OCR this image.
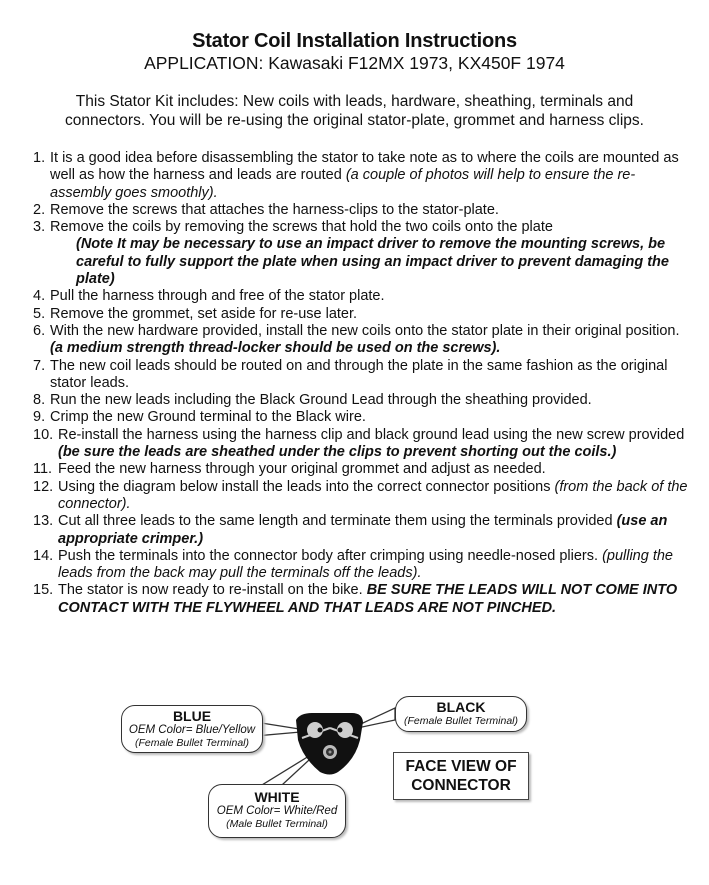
Stator Coil Installation Instructions
APPLICATION: Kawasaki F12MX 1973, KX450F 1974
This Stator Kit includes: New coils with leads, hardware, sheathing, terminals and
connectors. You will be re-using the original stator-plate, grommet and harness clips.
1. It is a good idea before disassembling the stator to take note as to where the coils are mounted as well as how the harness and leads are routed (a couple of photos will help to ensure the re-assembly goes smoothly).
2. Remove the screws that attaches the harness-clips to the stator-plate.
3. Remove the coils by removing the screws that hold the two coils onto the plate
(Note It may be necessary to use an impact driver to remove the mounting screws, be careful to fully support the plate when using an impact driver to prevent damaging the plate)
4. Pull the harness through and free of the stator plate.
5. Remove the grommet, set aside for re-use later.
6. With the new hardware provided, install the new coils onto the stator plate in their original position. (a medium strength thread-locker should be used on the screws).
7. The new coil leads should be routed on and through the plate in the same fashion as the original stator leads.
8. Run the new leads including the Black Ground Lead through the sheathing provided.
9. Crimp the new Ground terminal to the Black wire.
10. Re-install the harness using the harness clip and black ground lead using the new screw provided (be sure the leads are sheathed under the clips to prevent shorting out the coils.)
11. Feed the new harness through your original grommet and adjust as needed.
12. Using the diagram below install the leads into the correct connector positions (from the back of the connector).
13. Cut all three leads to the same length and terminate them using the terminals provided (use an appropriate crimper.)
14. Push the terminals into the connector body after crimping using needle-nosed pliers. (pulling the leads from the back may pull the terminals off the leads).
15. The stator is now ready to re-install on the bike. BE SURE THE LEADS WILL NOT COME INTO CONTACT WITH THE FLYWHEEL AND THAT LEADS ARE NOT PINCHED.
BLUE
OEM Color= Blue/Yellow
(Female Bullet Terminal)
BLACK
(Female Bullet Terminal)
WHITE
OEM Color= White/Red
(Male Bullet Terminal)
FACE VIEW OF
CONNECTOR
